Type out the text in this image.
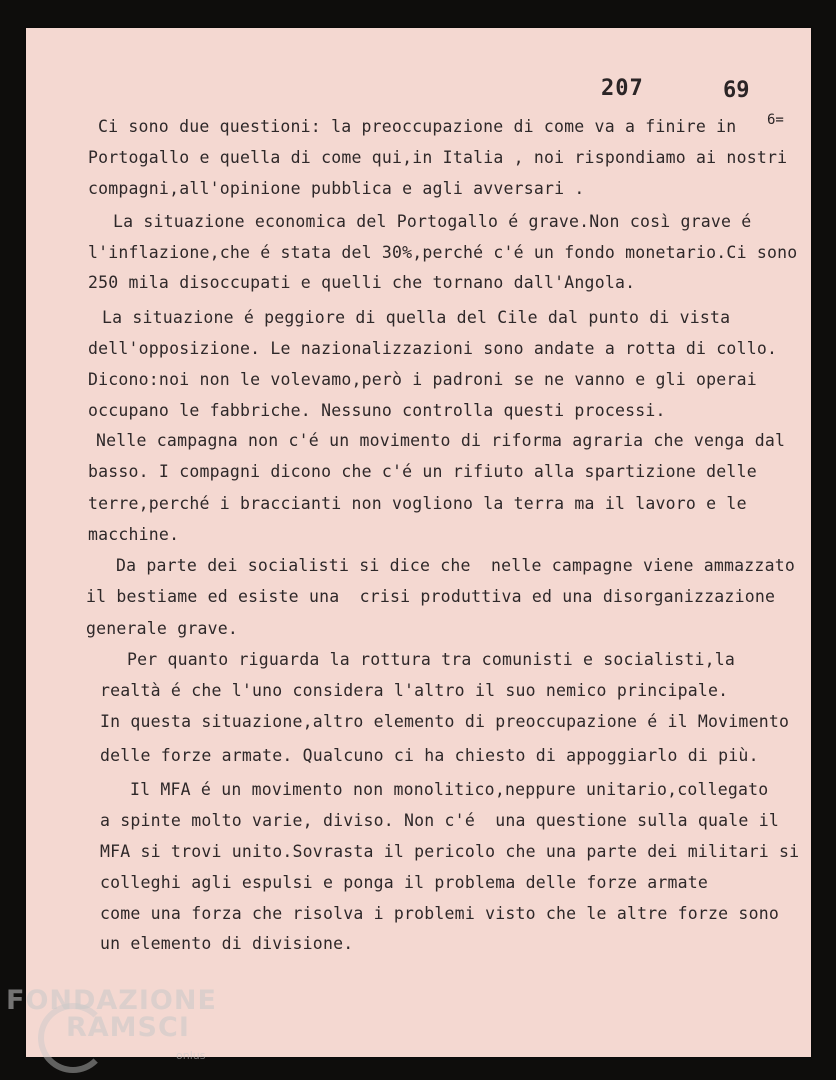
207	69
6=
Ci sono due questioni: la preoccupazione di come va a finire in
Portogallo e quella di come qui,in Italia , noi rispondiamo ai nostri
compagni,all'opinione pubblica e agli avversari .
La situazione economica del Portogallo é grave.Non così grave é
l'inflazione,che é stata del 30%,perché c'é un fondo monetario.Ci sono
250 mila disoccupati e quelli che tornano dall'Angola.
La situazione é peggiore di quella del Cile dal punto di vista
dell'opposizione. Le nazionalizzazioni sono andate a rotta di collo.
Dicono:noi non le volevamo,però i padroni se ne vanno e gli operai
occupano le fabbriche. Nessuno controlla questi processi.
Nelle campagna non c'é un movimento di riforma agraria che venga dal
basso. I compagni dicono che c'é un rifiuto alla spartizione delle
terre,perché i braccianti non vogliono la terra ma il lavoro e le
macchine.
Da parte dei socialisti si dice che  nelle campagne viene ammazzato
il bestiame ed esiste una  crisi produttiva ed una disorganizzazione
generale grave.
Per quanto riguarda la rottura tra comunisti e socialisti,la
realtà é che l'uno considera l'altro il suo nemico principale.
In questa situazione,altro elemento di preoccupazione é il Movimento
delle forze armate. Qualcuno ci ha chiesto di appoggiarlo di più.
Il MFA é un movimento non monolitico,neppure unitario,collegato
a spinte molto varie, diviso. Non c'é  una questione sulla quale il
MFA si trovi unito.Sovrasta il pericolo che una parte dei militari si
colleghi agli espulsi e ponga il problema delle forze armate
come una forza che risolva i problemi visto che le altre forze sono
un elemento di divisione.
FONDAZIONE
RAMSCI
onlus
